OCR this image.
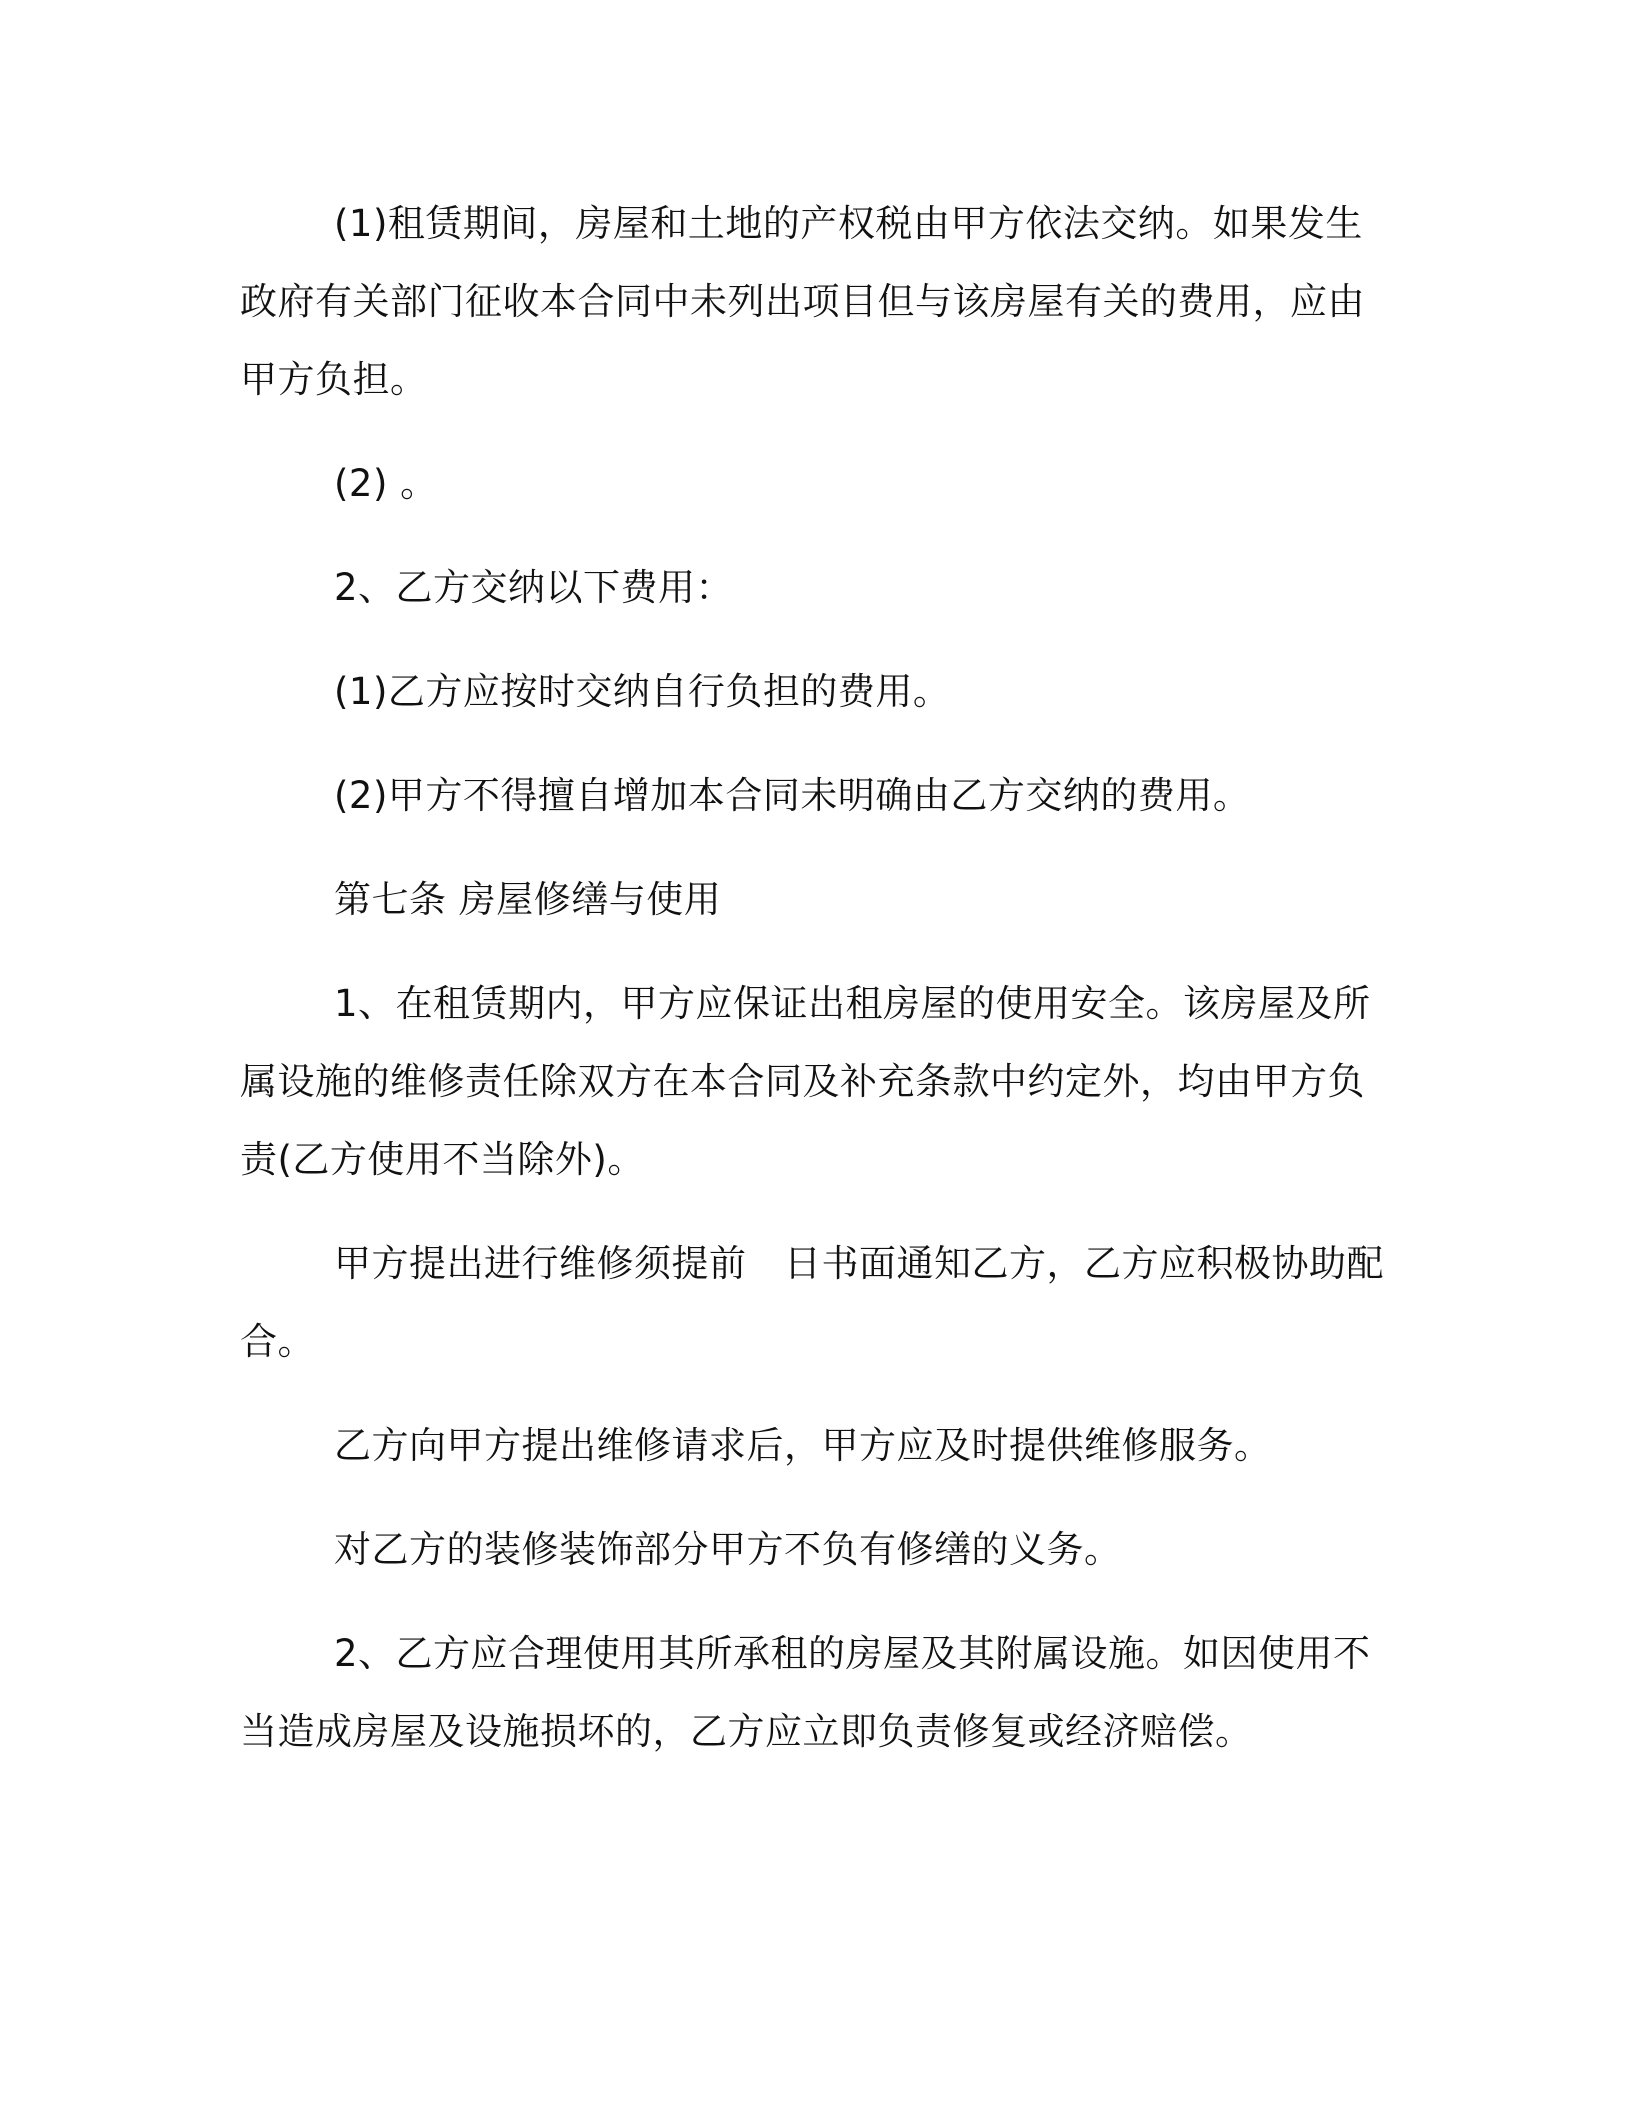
(1)租赁期间，房屋和土地的产权税由甲方依法交纳。如果发生政府有关部门征收本合同中未列出项目但与该房屋有关的费用，应由甲方负担。

(2) 。

2、乙方交纳以下费用：

(1)乙方应按时交纳自行负担的费用。

(2)甲方不得擅自增加本合同未明确由乙方交纳的费用。

第七条 房屋修缮与使用

1、在租赁期内，甲方应保证出租房屋的使用安全。该房屋及所属设施的维修责任除双方在本合同及补充条款中约定外，均由甲方负责(乙方使用不当除外)。

甲方提出进行维修须提前　日书面通知乙方，乙方应积极协助配合。

乙方向甲方提出维修请求后，甲方应及时提供维修服务。

对乙方的装修装饰部分甲方不负有修缮的义务。

2、乙方应合理使用其所承租的房屋及其附属设施。如因使用不当造成房屋及设施损坏的，乙方应立即负责修复或经济赔偿。
